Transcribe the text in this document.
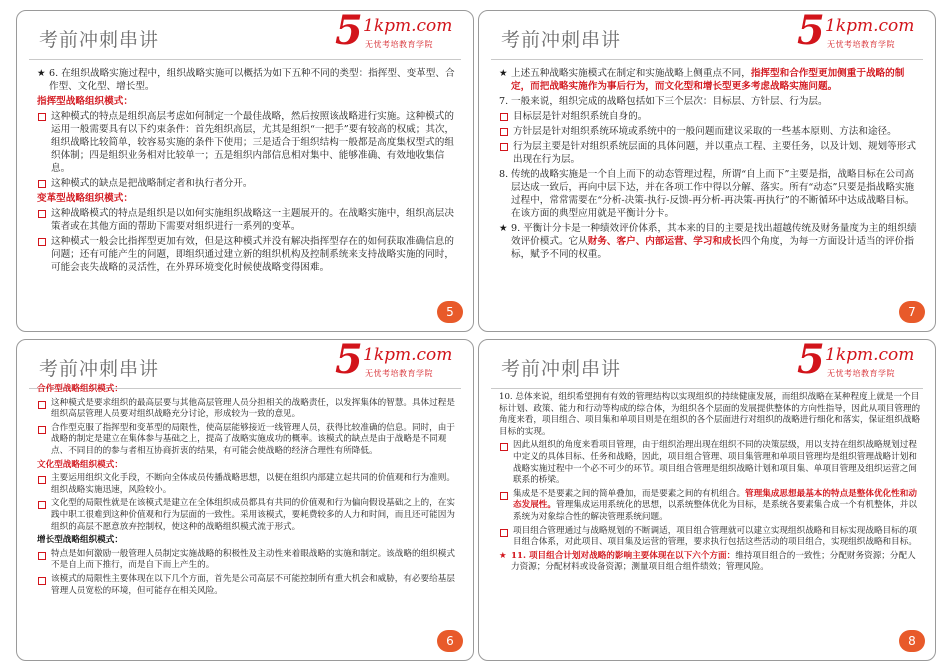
考前冲刺串讲	5 1kpm.com
无忧考培教育学院

★ 6. 在组织战略实施过程中，组织战略实施可以概括为如下五种不同的类型：指挥型、变革型、合作型、文化型、增长型。

指挥型战略组织模式：

这种模式的特点是组织高层考虑如何制定一个最佳战略，然后按照该战略进行实施。这种模式的运用一般需要具有以下约束条件：首先组织高层，尤其是组织“一把手”要有较高的权威；其次，组织战略比较简单，较容易实施的条件下使用；三是适合于组织结构一般都是高度集权型式的组织体制；四是组织业务相对比较单一；五是组织内部信息相对集中、能够准确、有效地收集信息。

这种模式的缺点是把战略制定者和执行者分开。

变革型战略组织模式：

这种战略模式的特点是组织是以如何实施组织战略这一主题展开的。在战略实施中，组织高层决策者或在其他方面的帮助下需要对组织进行一系列的变革。

这种模式一般会比指挥型更加有效，但是这种模式并没有解决指挥型存在的如何获取准确信息的问题；还有可能产生的问题，即组织通过建立新的组织机构及控制系统来支持战略实施的同时，可能会丧失战略的灵活性，在外界环境变化时候使战略变得困难。

5
考前冲刺串讲	5 1kpm.com
无忧考培教育学院

★ 上述五种战略实施模式在制定和实施战略上侧重点不同，指挥型和合作型更加侧重于战略的制定，而把战略实施作为事后行为，而文化型和增长型更多考虑战略实施问题。

7. 一般来说，组织完成的战略包括如下三个层次：目标层、方针层、行为层。

目标层是针对组织系统自身的。

方针层是针对组织系统环境或系统中的一般问题而建议采取的一些基本原则、方法和途径。

行为层主要是针对组织系统层面的具体问题，并以重点工程、主要任务，以及计划、规划等形式出现在行为层。

8. 传统的战略实施是一个自上而下的动态管理过程，所谓“自上而下”主要是指，战略目标在公司高层达成一致后，再向中层下达，并在各项工作中得以分解、落实。所有“动态”只要是指战略实施过程中，常常需要在“分析-决策-执行-反馈-再分析-再决策-再执行”的不断循环中达成战略目标。在该方面的典型应用就是平衡计分卡。

★ 9. 平衡计分卡是一种绩效评价体系，其本来的目的主要是找出超越传统及财务量度为主的组织绩效评价模式。它从财务、客户、内部运营、学习和成长四个角度，为每一方面设计适当的评价指标，赋予不同的权重。

7
考前冲刺串讲	5 1kpm.com
无忧考培教育学院

合作型战略组织模式：

这种模式是要求组织的最高层要与其他高层管理人员分担相关的战略责任，以发挥集体的智慧。具体过程是组织高层管理人员要对组织战略充分讨论，形成较为一致的意见。

合作型克服了指挥型和变革型的局限性，使高层能够接近一线管理人员，获得比较准确的信息。同时，由于战略的制定是建立在集体参与基础之上，提高了战略实施成功的概率。该模式的缺点是由于战略是不同观点、不同目的的参与者相互协商折衷的结果，有可能会使战略的经济合理性有所降低。

文化型战略组织模式：

主要运用组织文化手段，不断向全体成员传播战略思想，以便在组织内部建立起共同的价值观和行为准则。组织战略实施迅速，风险较小。

文化型的局限性就是在该模式是建立在全体组织成员都具有共同的价值观和行为偏向假设基础之上的，在实践中职工很难到这种价值观和行为层面的一致性。采用该模式，要耗费较多的人力和时间，而且还可能因为组织的高层不愿意放弃控制权，使这种的战略组织模式流于形式。

增长型战略组织模式：

特点是如何激励一般管理人员制定实施战略的积极性及主动性来着眼战略的实施和制定。该战略的组织模式不是自上而下推行，而是自下而上产生的。

该模式的局限性主要体现在以下几个方面，首先是公司高层不可能控制所有重大机会和威胁，有必要给基层管理人员宽松的环境，但可能存在相关风险。

6
考前冲刺串讲	5 1kpm.com
无忧考培教育学院

10. 总体来说，组织希望拥有有效的管理结构以实现组织的持续健康发展，而组织战略在某种程度上就是一个目标计划、政策、能力和行动等构成的综合体，为组织各个层面的发展提供整体的方向性指导，因此从项目管理的角度来看，项目组合、项目集和单项目则是在组织的各个层面进行对组织的战略进行细化和落实，保证组织战略目标的实现。

因此从组织的角度来看项目管理，由于组织治理出现在组织不同的决策层级，用以支持在组织战略规划过程中定义的具体目标、任务和战略，因此，项目组合管理、项目集管理和单项目管理均是组织管理战略计划和战略实施过程中一个必不可少的环节。项目组合管理是组织战略计划和项目集、单项目管理及组织运营之间联系的桥梁。

集成是不是要素之间的简单叠加，而是要素之间的有机组合。管理集成思想最基本的特点是整体优化性和动态发展性。管理集成运用系统化的思想，以系统整体优化为目标，是系统各要素集合成一个有机整体，并以系统为对象综合性的解决管理系统问题。

项目组合管理通过与战略规划的不断调适，项目组合管理就可以建立实现组织战略和目标实现战略目标的项目组合体系，对此项目、项目集及运营的管理，要求执行包括这些活动的项目组合，实现组织战略和目标。

★ 11. 项目组合计划对战略的影响主要体现在以下六个方面：维持项目组合的一致性；分配财务资源；分配人力资源；分配材料或设备资源；测量项目组合组件绩效；管理风险。

8
